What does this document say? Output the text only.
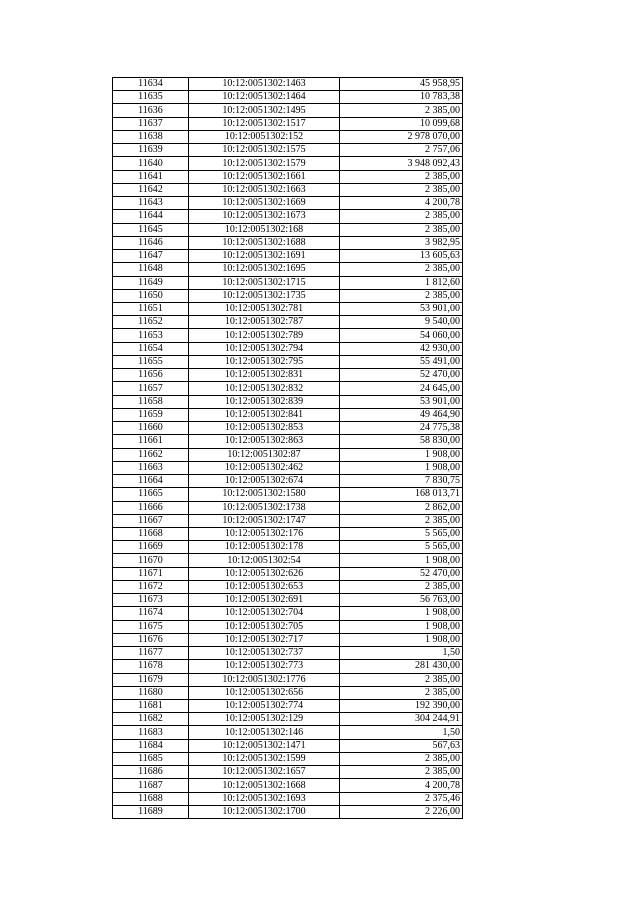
11634	10:12:0051302:1463	45 958,95
11635	10:12:0051302:1464	10 783,38
11636	10:12:0051302:1495	2 385,00
11637	10:12:0051302:1517	10 099,68
11638	10:12:0051302:152	2 978 070,00
11639	10:12:0051302:1575	2 757,06
11640	10:12:0051302:1579	3 948 092,43
11641	10:12:0051302:1661	2 385,00
11642	10:12:0051302:1663	2 385,00
11643	10:12:0051302:1669	4 200,78
11644	10:12:0051302:1673	2 385,00
11645	10:12:0051302:168	2 385,00
11646	10:12:0051302:1688	3 982,95
11647	10:12:0051302:1691	13 605,63
11648	10:12:0051302:1695	2 385,00
11649	10:12:0051302:1715	1 812,60
11650	10:12:0051302:1735	2 385,00
11651	10:12:0051302:781	53 901,00
11652	10:12:0051302:787	9 540,00
11653	10:12:0051302:789	54 060,00
11654	10:12:0051302:794	42 930,00
11655	10:12:0051302:795	55 491,00
11656	10:12:0051302:831	52 470,00
11657	10:12:0051302:832	24 645,00
11658	10:12:0051302:839	53 901,00
11659	10:12:0051302:841	49 464,90
11660	10:12:0051302:853	24 775,38
11661	10:12:0051302:863	58 830,00
11662	10:12:0051302:87	1 908,00
11663	10:12:0051302:462	1 908,00
11664	10:12:0051302:674	7 830,75
11665	10:12:0051302:1580	168 013,71
11666	10:12:0051302:1738	2 862,00
11667	10:12:0051302:1747	2 385,00
11668	10:12:0051302:176	5 565,00
11669	10:12:0051302:178	5 565,00
11670	10:12:0051302:54	1 908,00
11671	10:12:0051302:626	52 470,00
11672	10:12:0051302:653	2 385,00
11673	10:12:0051302:691	56 763,00
11674	10:12:0051302:704	1 908,00
11675	10:12:0051302:705	1 908,00
11676	10:12:0051302:717	1 908,00
11677	10:12:0051302:737	1,50
11678	10:12:0051302:773	281 430,00
11679	10:12:0051302:1776	2 385,00
11680	10:12:0051302:656	2 385,00
11681	10:12:0051302:774	192 390,00
11682	10:12:0051302:129	304 244,91
11683	10:12:0051302:146	1,50
11684	10:12:0051302:1471	567,63
11685	10:12:0051302:1599	2 385,00
11686	10:12:0051302:1657	2 385,00
11687	10:12:0051302:1668	4 200,78
11688	10:12:0051302:1693	2 375,46
11689	10:12:0051302:1700	2 226,00
